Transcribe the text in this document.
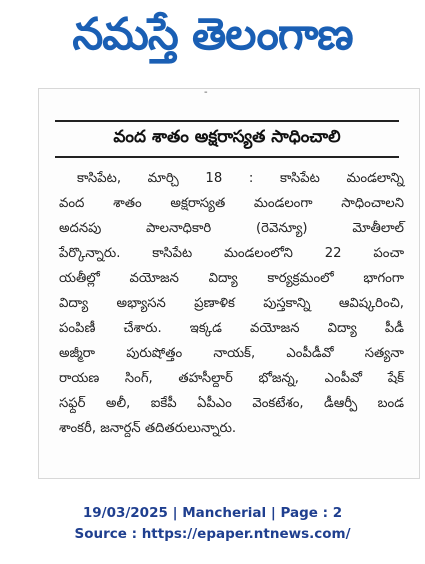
నమస్తే తెలంగాణ
-
వంద శాతం అక్షరాస్యత సాధించాలి
కాసిపేట, మార్చి 18 : కాసిపేట మండలాన్ని
వంద శాతం అక్షరాస్యత మండలంగా సాధించాలని
అదనపు పాలనాధికారి (రెవెన్యూ) మోతీలాల్
పేర్కొన్నారు. కాసిపేట మండలంలోని 22 పంచా
యతీల్లో వయోజన విద్యా కార్యక్రమంలో భాగంగా
విద్యా అభ్యాసన ప్రణాళిక పుస్తకాన్ని ఆవిష్కరించి,
పంపిణీ చేశారు. ఇక్కడ వయోజన విద్యా పీడీ
అజ్మీరా పురుషోత్తం నాయక్, ఎంపీడీవో సత్యనా
రాయణ సింగ్, తహసీల్దార్ భోజన్న, ఎంపీవో షేక్
సఫ్దర్ అలీ, ఐకేపీ ఏపీఎం వెంకటేశం, డీఆర్పీ బండ
శాంకరీ, జనార్దన్ తదితరులున్నారు.
19/03/2025 | Mancherial | Page : 2
Source : https://epaper.ntnews.com/
